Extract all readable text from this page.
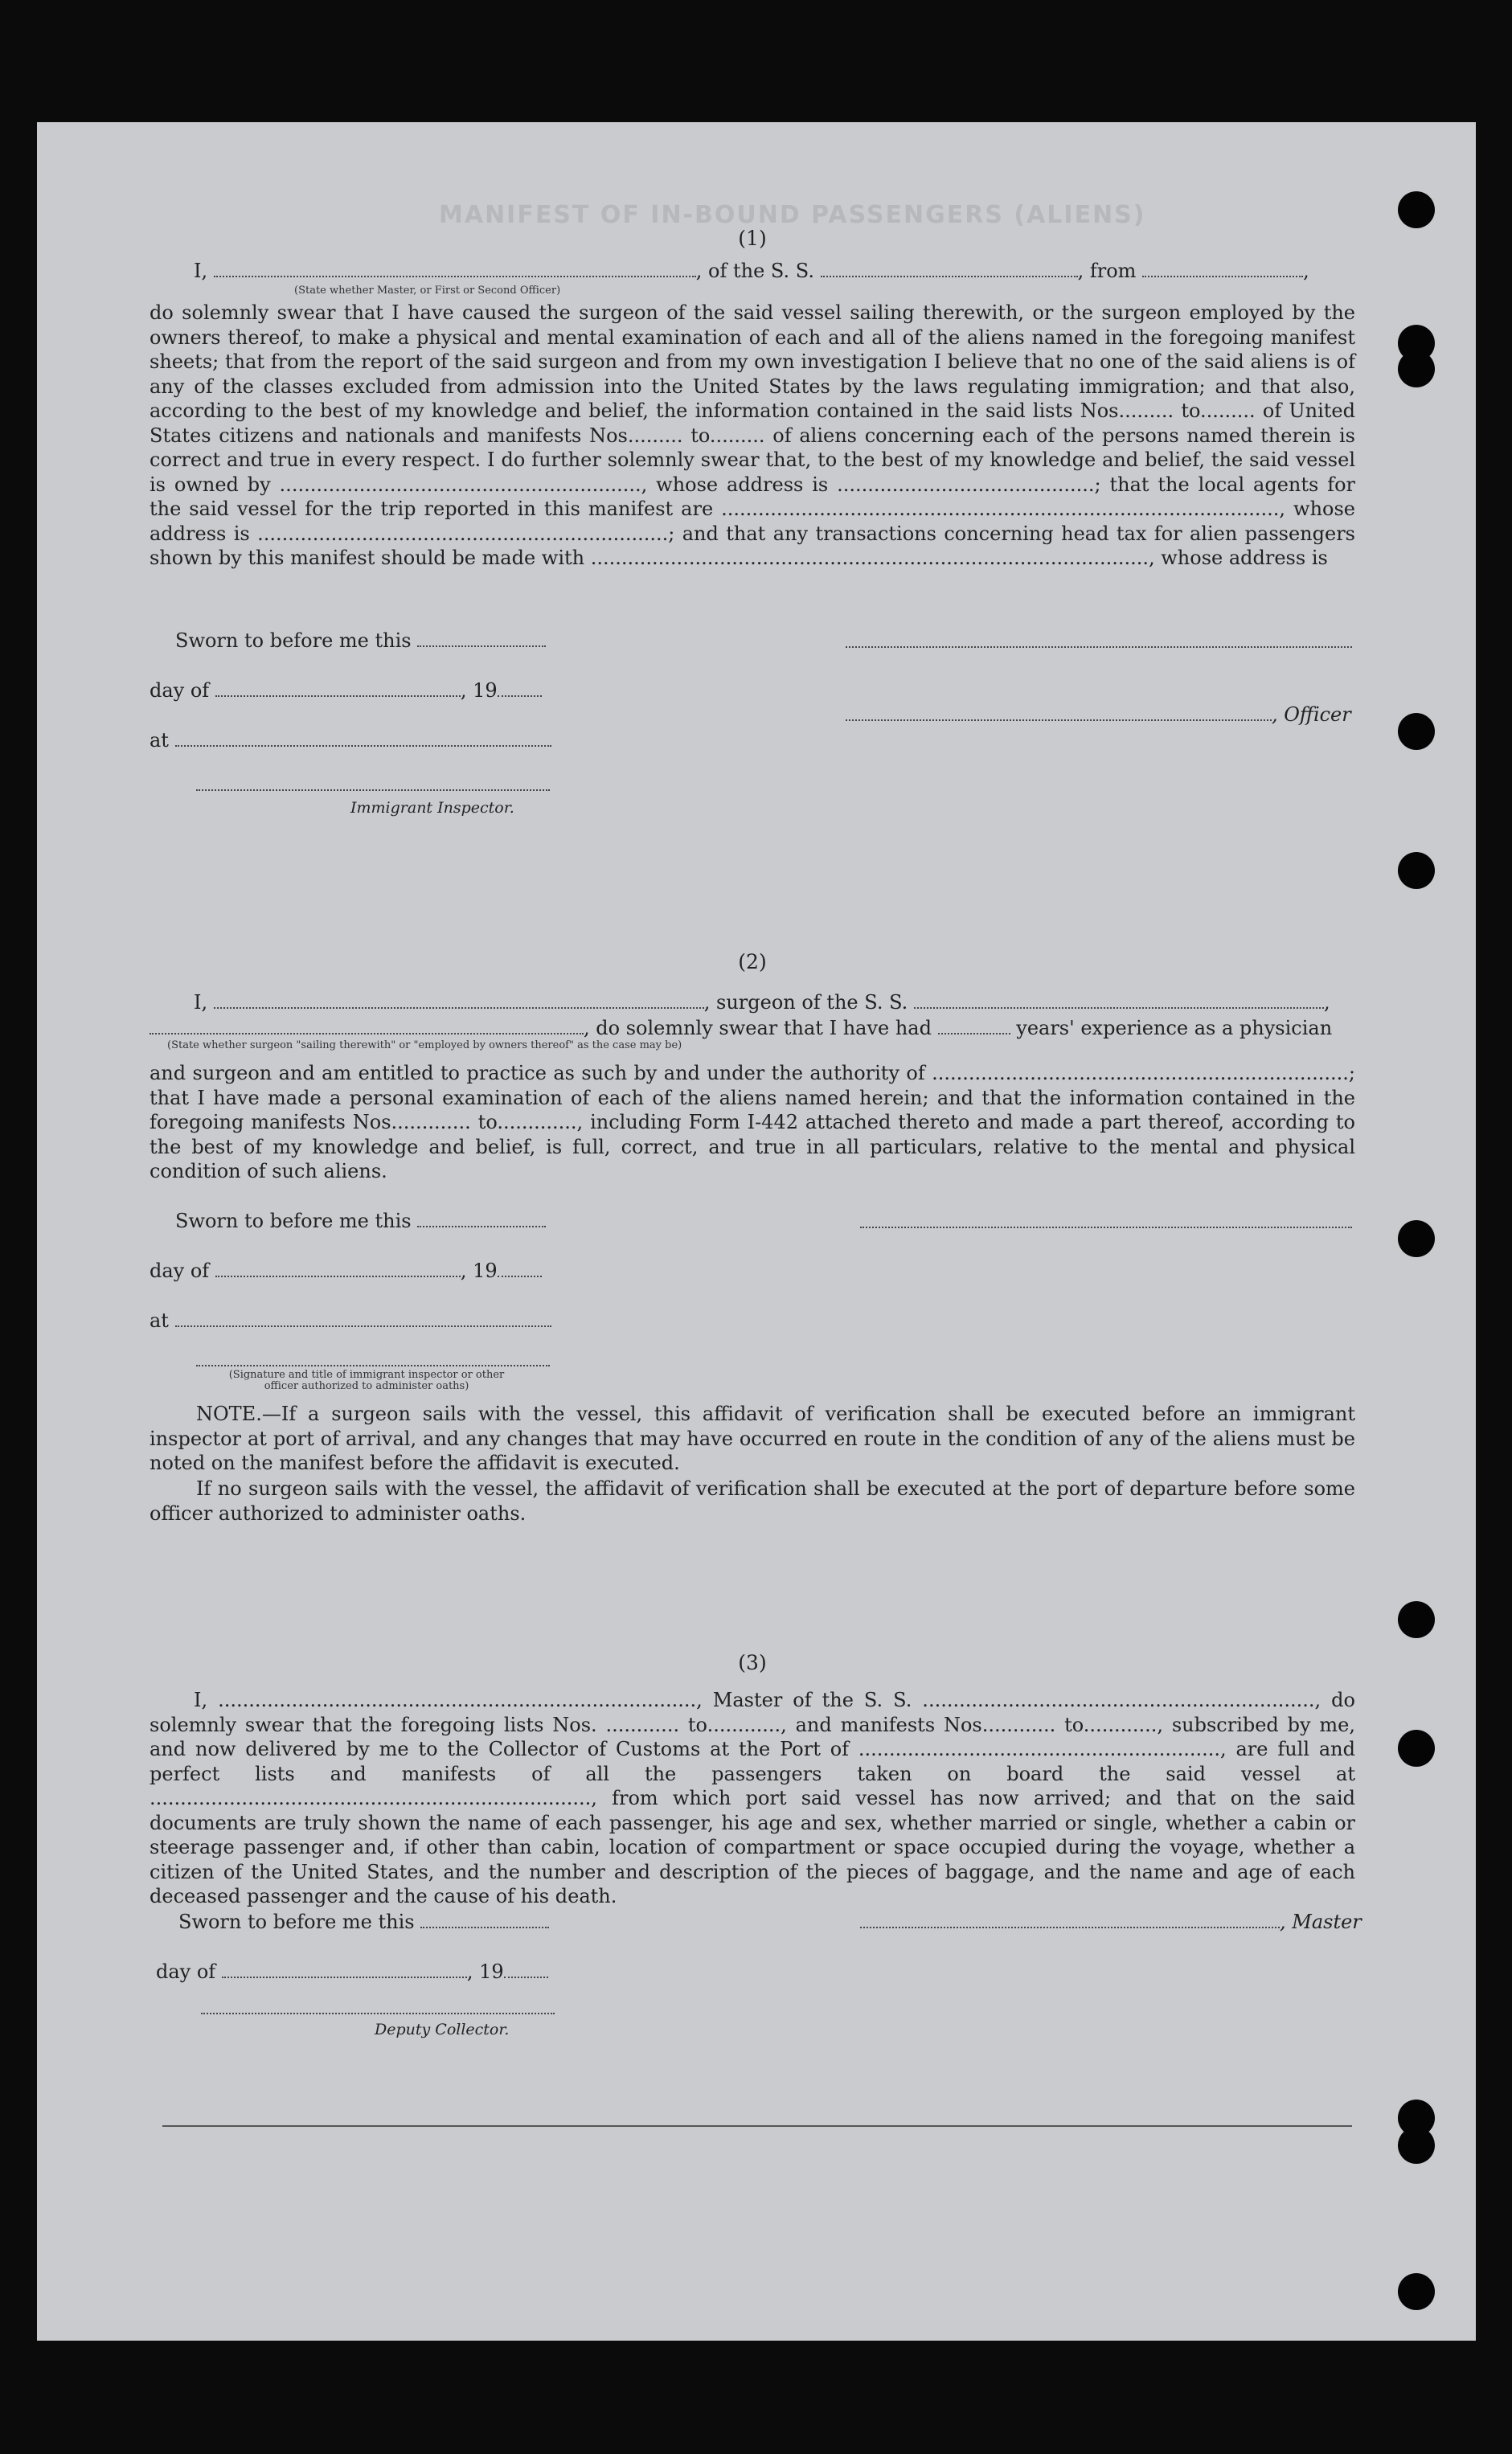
MANIFEST OF IN-BOUND PASSENGERS (ALIENS)
(1)
I,	, of the S. S.	, from	,
(State whether Master, or First or Second Officer)
do solemnly swear that I have caused the surgeon of the said vessel sailing therewith, or the surgeon employed by the owners thereof, to make a physical and mental examination of each and all of the aliens named in the foregoing manifest sheets; that from the report of the said surgeon and from my own investigation I believe that no one of the said aliens is of any of the classes excluded from admission into the United States by the laws regulating immigration; and that also, according to the best of my knowledge and belief, the information contained in the said lists Nos......... to......... of United States citizens and nationals and manifests Nos......... to......... of aliens concerning each of the persons named therein is correct and true in every respect. I do further solemnly swear that, to the best of my knowledge and belief, the said vessel is owned by ..........................................................., whose address is ..........................................; that the local agents for the said vessel for the trip reported in this manifest are ..........................................................................................., whose address is ...................................................................; and that any transactions concerning head tax for alien passengers shown by this manifest should be made with ..........................................................................................., whose address is
Sworn to before me this
day of	, 19
, Officer
at
Immigrant Inspector.
(2)
I,	, surgeon of the S. S.	,
, do solemnly swear that I have had	years' experience as a physician
(State whether surgeon "sailing therewith" or "employed by owners thereof" as the case may be)
and surgeon and am entitled to practice as such by and under the authority of ....................................................................; that I have made a personal examination of each of the aliens named herein; and that the information contained in the foregoing manifests Nos............. to............., including Form I-442 attached thereto and made a part thereof, according to the best of my knowledge and belief, is full, correct, and true in all particulars, relative to the mental and physical condition of such aliens.
Sworn to before me this
day of	, 19
at
(Signature and title of immigrant inspector or other officer authorized to administer oaths)
NOTE.—If a surgeon sails with the vessel, this affidavit of verification shall be executed before an immigrant inspector at port of arrival, and any changes that may have occurred en route in the condition of any of the aliens must be noted on the manifest before the affidavit is executed.
If no surgeon sails with the vessel, the affidavit of verification shall be executed at the port of departure before some officer authorized to administer oaths.
(3)
I, .............................................................................., Master of the S. S. ................................................................, do solemnly swear that the foregoing lists Nos. ............ to............, and manifests Nos............ to............, subscribed by me, and now delivered by me to the Collector of Customs at the Port of ..........................................................., are full and perfect lists and manifests of all the passengers taken on board the said vessel at ........................................................................, from which port said vessel has now arrived; and that on the said documents are truly shown the name of each passenger, his age and sex, whether married or single, whether a cabin or steerage passenger and, if other than cabin, location of compartment or space occupied during the voyage, whether a citizen of the United States, and the number and description of the pieces of baggage, and the name and age of each deceased passenger and the cause of his death.
Sworn to before me this	, Master
day of	, 19
Deputy Collector.
